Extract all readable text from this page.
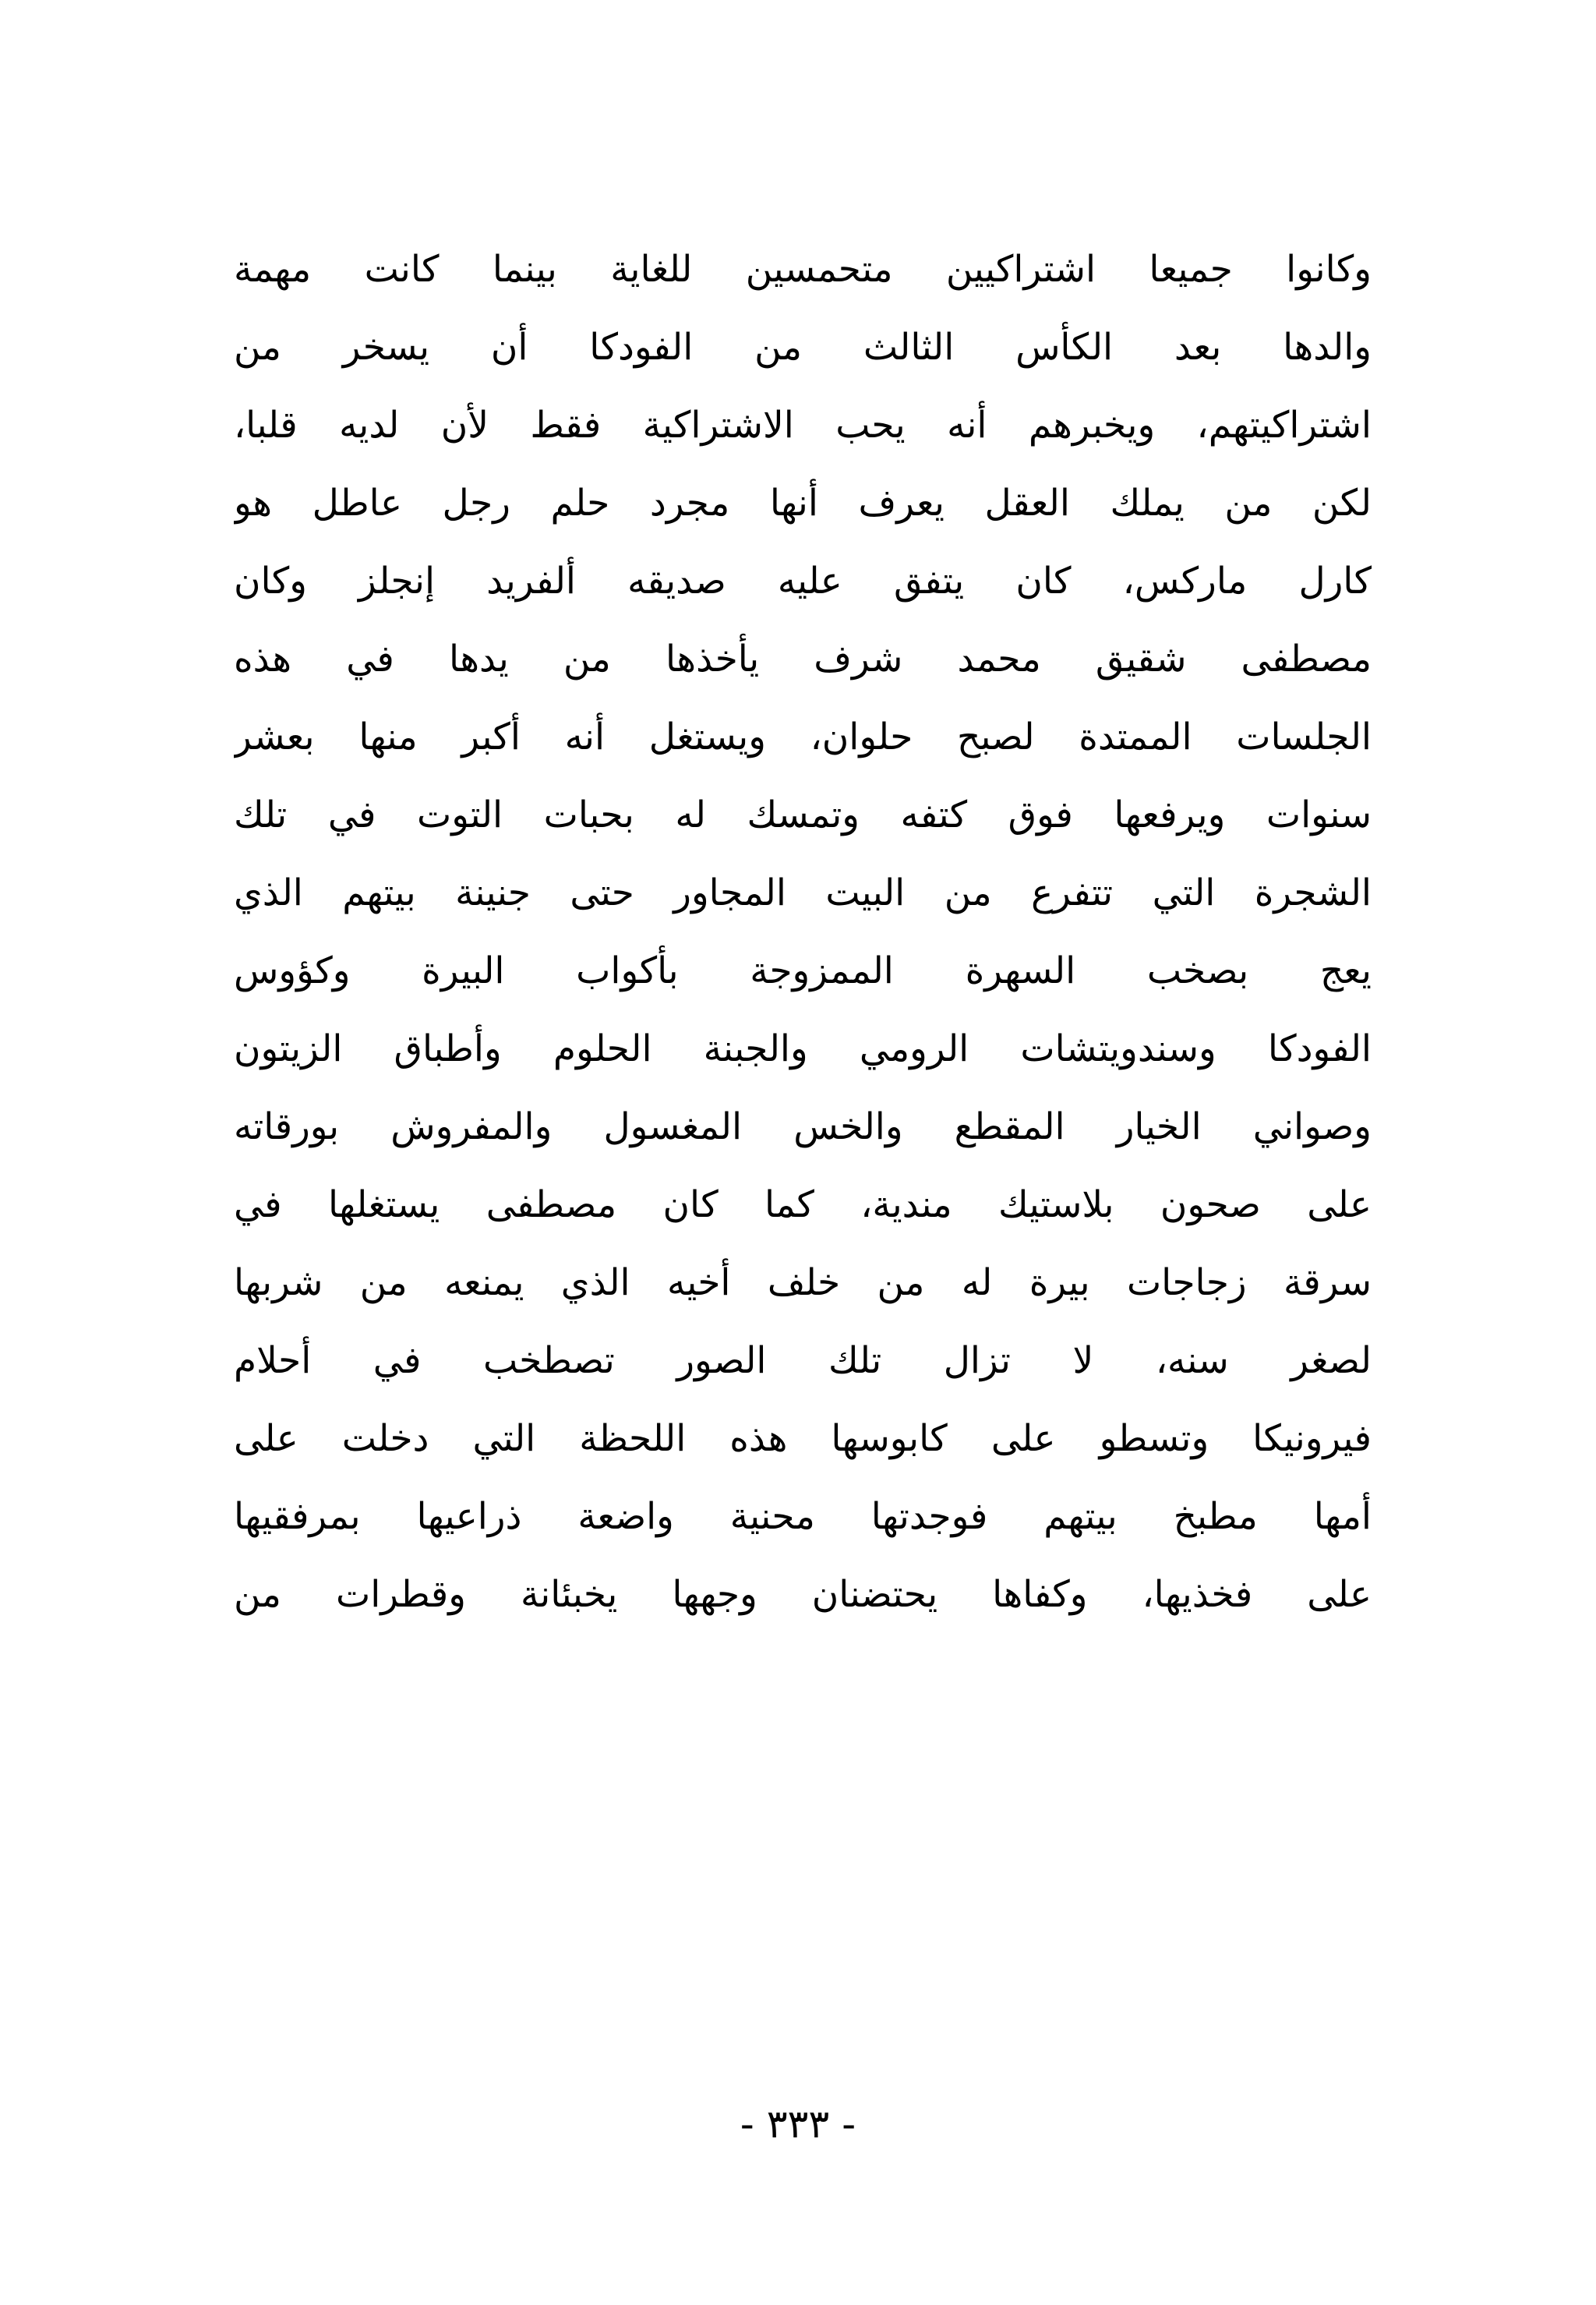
وكانوا جميعا اشتراكيين متحمسين للغاية بينما كانت مهمة
والدها بعد الكأس الثالث من الفودكا أن يسخر من
اشتراكيتهم، ويخبرهم أنه يحب الاشتراكية فقط لأن لديه قلبا،
لكن من يملك العقل يعرف أنها مجرد حلم رجل عاطل هو
كارل ماركس، كان يتفق عليه صديقه ألفريد إنجلز وكان
مصطفى شقيق محمد شرف يأخذها من يدها في هذه
الجلسات الممتدة لصبح حلوان، ويستغل أنه أكبر منها بعشر
سنوات ويرفعها فوق كتفه وتمسك له بحبات التوت في تلك
الشجرة التي تتفرع من البيت المجاور حتى جنينة بيتهم الذي
يعج بصخب السهرة الممزوجة بأكواب البيرة وكؤوس
الفودكا وسندويتشات الرومي والجبنة الحلوم وأطباق الزيتون
وصواني الخيار المقطع والخس المغسول والمفروش بورقاته
على صحون بلاستيك مندية، كما كان مصطفى يستغلها في
سرقة زجاجات بيرة له من خلف أخيه الذي يمنعه من شربها
لصغر سنه، لا تزال تلك الصور تصطخب في أحلام
فيرونيكا وتسطو على كابوسها هذه اللحظة التي دخلت على
أمها مطبخ بيتهم فوجدتها محنية واضعة ذراعيها بمرفقيها
على فخذيها، وكفاها يحتضنان وجهها يخبئانة وقطرات من
- ٣٣٣ -
